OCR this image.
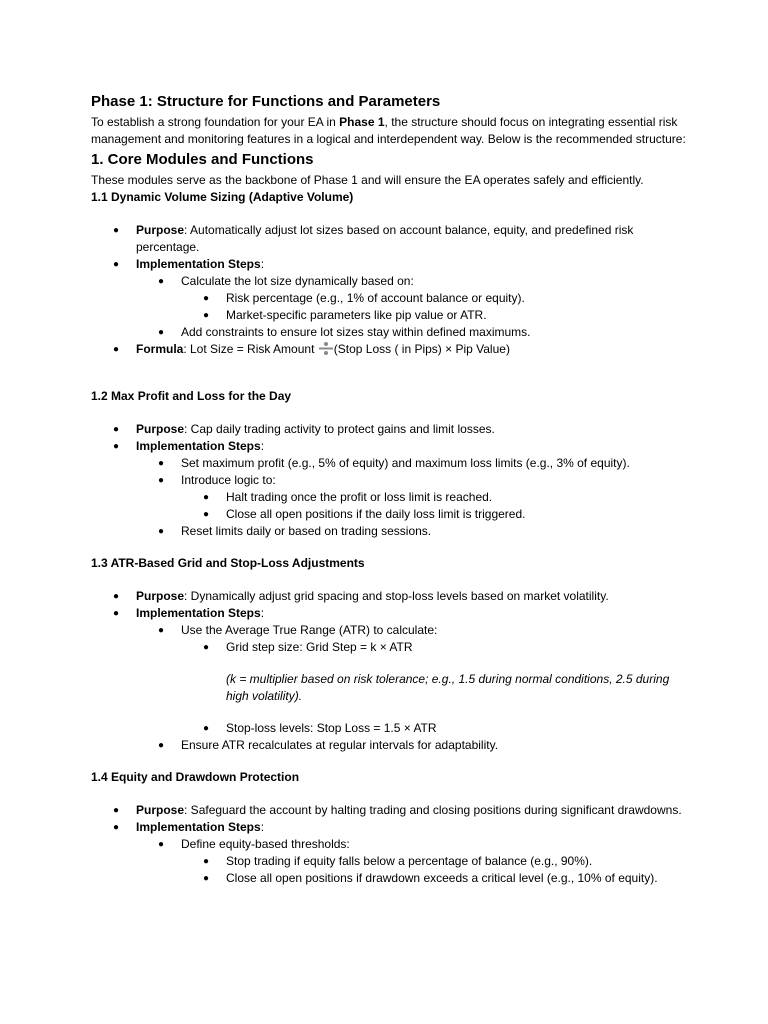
Phase 1: Structure for Functions and Parameters

To establish a strong foundation for your EA in Phase 1, the structure should focus on integrating essential risk management and monitoring features in a logical and interdependent way. Below is the recommended structure:

1. Core Modules and Functions

These modules serve as the backbone of Phase 1 and will ensure the EA operates safely and efficiently.

1.1 Dynamic Volume Sizing (Adaptive Volume)
● Purpose: Automatically adjust lot sizes based on account balance, equity, and predefined risk percentage.
● Implementation Steps:
● Calculate the lot size dynamically based on:
● Risk percentage (e.g., 1% of account balance or equity).
● Market-specific parameters like pip value or ATR.
● Add constraints to ensure lot sizes stay within defined maximums.
● Formula: Lot Size = Risk Amount (Stop Loss ( in Pips) × Pip Value)
1.2 Max Profit and Loss for the Day
● Purpose: Cap daily trading activity to protect gains and limit losses.
● Implementation Steps:
● Set maximum profit (e.g., 5% of equity) and maximum loss limits (e.g., 3% of equity).
● Introduce logic to:
● Halt trading once the profit or loss limit is reached.
● Close all open positions if the daily loss limit is triggered.
● Reset limits daily or based on trading sessions.
1.3 ATR-Based Grid and Stop-Loss Adjustments
● Purpose: Dynamically adjust grid spacing and stop-loss levels based on market volatility.
● Implementation Steps:
● Use the Average True Range (ATR) to calculate:
● Grid step size: Grid Step = k × ATR

(k = multiplier based on risk tolerance; e.g., 1.5 during normal conditions, 2.5 during high volatility).

● Stop-loss levels: Stop Loss = 1.5 × ATR
● Ensure ATR recalculates at regular intervals for adaptability.
1.4 Equity and Drawdown Protection
● Purpose: Safeguard the account by halting trading and closing positions during significant drawdowns.
● Implementation Steps:
● Define equity-based thresholds:
● Stop trading if equity falls below a percentage of balance (e.g., 90%).
● Close all open positions if drawdown exceeds a critical level (e.g., 10% of equity).
